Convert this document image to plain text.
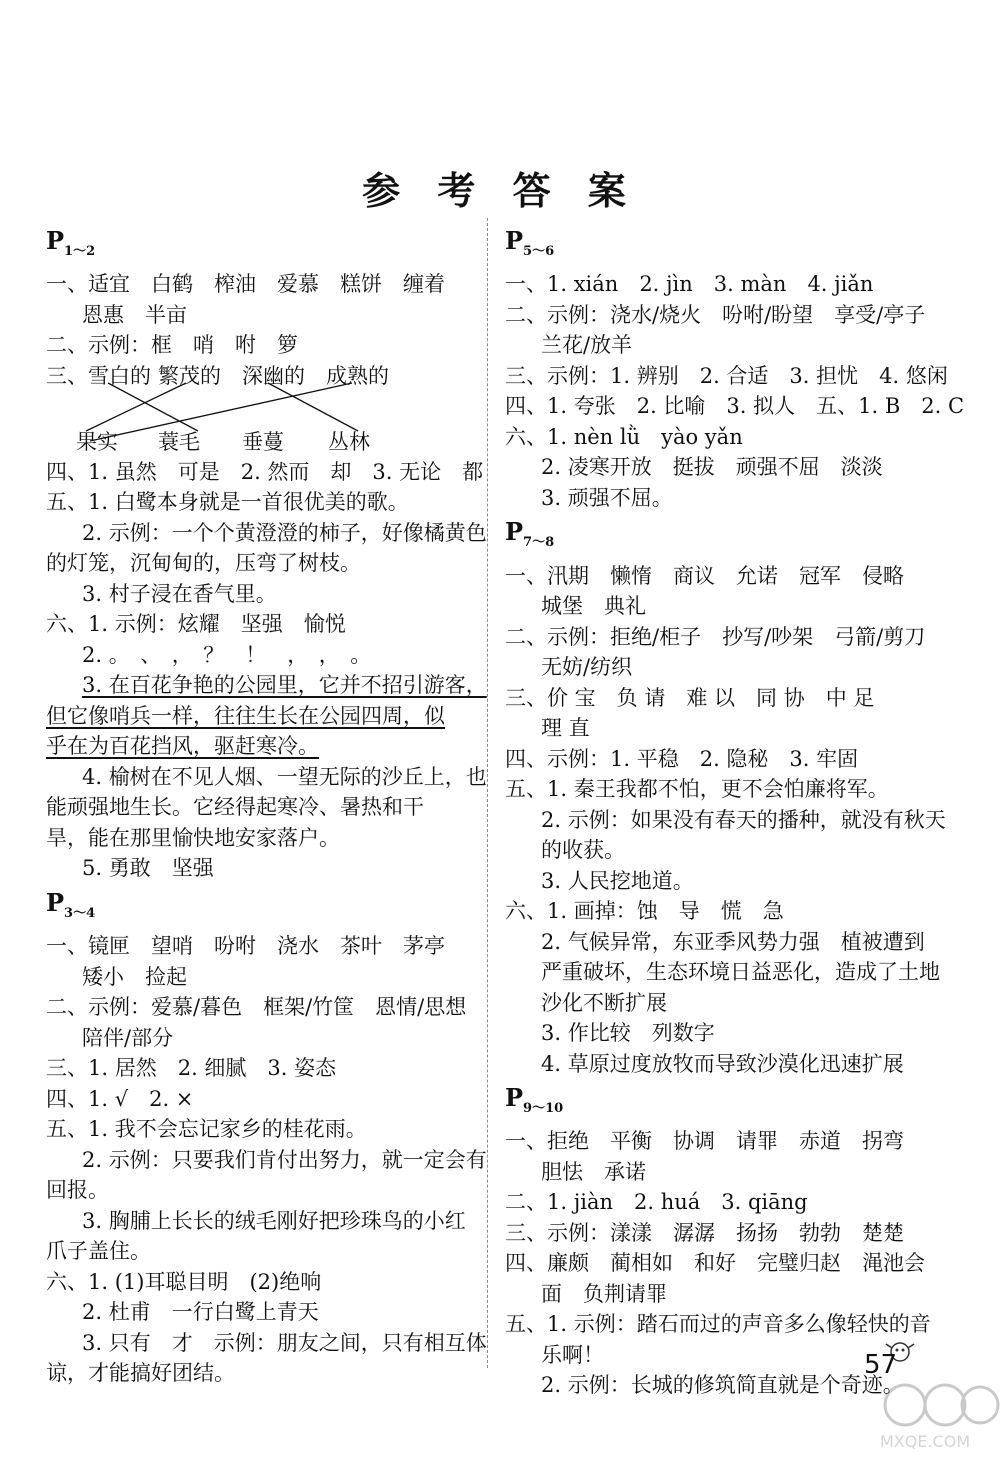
参 考 答 案
$P_{1\sim 2}$
一、适宜　白鹤　榨油　爱慕　糕饼　缠着
恩惠　半亩
二、示例：框　哨　咐　箩
三、雪白的 繁茂的 深幽的 成熟的
果实 蓑毛 垂蔓 丛林
四、1. 虽然　可是　2. 然而　却　3. 无论　都
五、1. 白鹭本身就是一首很优美的歌。
2. 示例：一个个黄澄澄的柿子，好像橘黄色
的灯笼，沉甸甸的，压弯了树枝。
3. 村子浸在香气里。
六、1. 示例：炫耀　坚强　愉悦
2. 。　、　，　？　！　，　，　。
3. 在百花争艳的公园里，它并不招引游客，
但它像哨兵一样，往往生长在公园四周，似
乎在为百花挡风，驱赶寒冷。
4. 榆树在不见人烟、一望无际的沙丘上，也
能顽强地生长。它经得起寒冷、暑热和干
旱，能在那里愉快地安家落户。
5. 勇敢　坚强
$P_{3\sim 4}$
一、镜匣　望哨　吩咐　浇水　茶叶　茅亭
矮小　捡起
二、示例：爱慕/暮色　框架/竹筐　恩情/思想
陪伴/部分
三、1. 居然　2. 细腻　3. 姿态
四、1. √　2. ×
五、1. 我不会忘记家乡的桂花雨。
2. 示例：只要我们肯付出努力，就一定会有
回报。
3. 胸脯上长长的绒毛刚好把珍珠鸟的小红
爪子盖住。
六、1. (1)耳聪目明　(2)绝响
2. 杜甫　一行白鹭上青天
3. 只有　才　示例：朋友之间，只有相互体
谅，才能搞好团结。
$P_{5\sim 6}$
一、1. xián　2. jìn　3. màn　4. jiǎn
二、示例：浇水/烧火　吩咐/盼望　享受/亭子
兰花/放羊
三、示例：1. 辨别　2. 合适　3. 担忧　4. 悠闲
四、1. 夸张　2. 比喻　3. 拟人　五、1. B　2. C
六、1. nèn lǜ　yào yǎn
2. 凌寒开放　挺拔　顽强不屈　淡淡
3. 顽强不屈。
$P_{7\sim 8}$
一、汛期　懒惰　商议　允诺　冠军　侵略
城堡　典礼
二、示例：拒绝/柜子　抄写/吵架　弓箭/剪刀
无妨/纺织
三、价 宝　负 请　难 以　同 协　中 足
理 直
四、示例：1. 平稳　2. 隐秘　3. 牢固
五、1. 秦王我都不怕，更不会怕廉将军。
2. 示例：如果没有春天的播种，就没有秋天
的收获。
3. 人民挖地道。
六、1. 画掉：蚀　导　慌　急
2. 气候异常，东亚季风势力强　植被遭到
严重破坏，生态环境日益恶化，造成了土地
沙化不断扩展
3. 作比较　列数字
4. 草原过度放牧而导致沙漠化迅速扩展
$P_{9\sim 10}$
一、拒绝　平衡　协调　请罪　赤道　拐弯
胆怯　承诺
二、1. jiàn　2. huá　3. qiāng
三、示例：漾漾　潺潺　扬扬　勃勃　楚楚
四、廉颇　蔺相如　和好　完璧归赵　渑池会
面　负荆请罪
五、1. 示例：踏石而过的声音多么像轻快的音
乐啊！
2. 示例：长城的修筑简直就是个奇迹。
57
MXQE.COM
